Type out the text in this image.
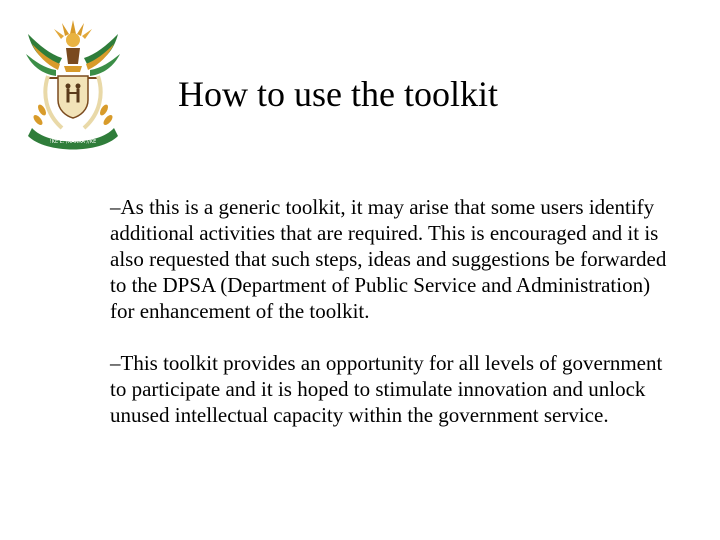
!KE E: /XARRA //KE
How to use the toolkit
–As this is a generic toolkit, it may arise that some users identify additional activities that are required. This is encouraged and it is also requested that such steps, ideas and suggestions be forwarded to the DPSA (Department of Public Service and Administration) for enhancement of the toolkit.
–This toolkit provides an opportunity for all levels of government to participate and it is hoped to stimulate innovation and unlock unused intellectual capacity within the government service.
